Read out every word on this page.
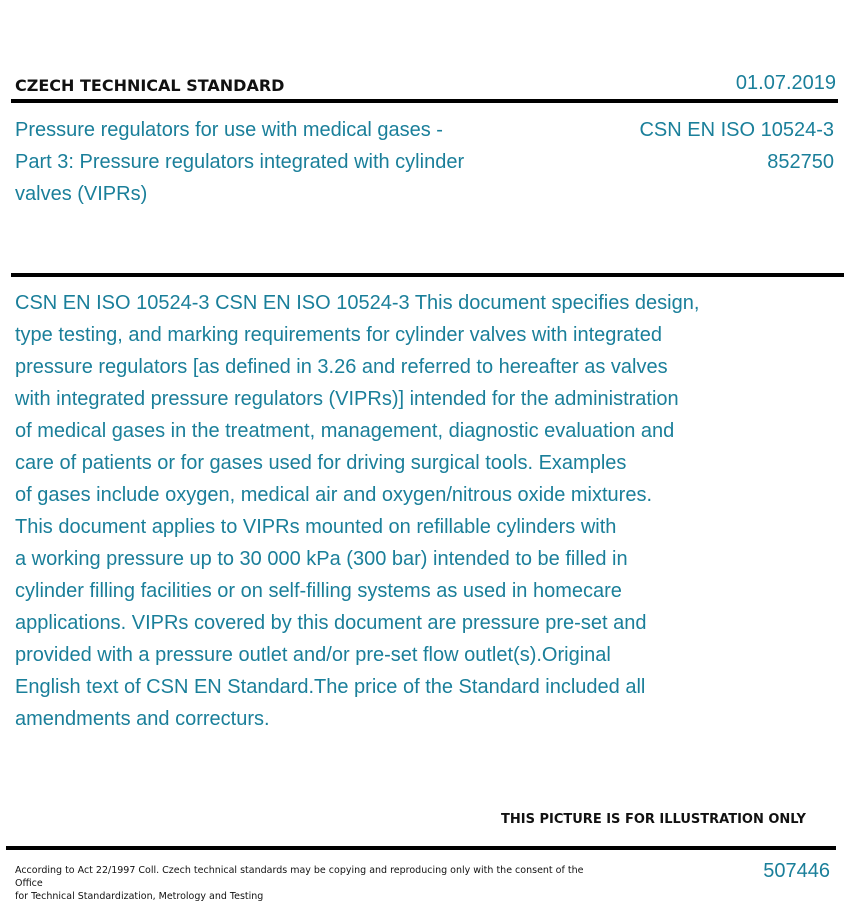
CZECH TECHNICAL STANDARD	01.07.2019
Pressure regulators for use with medical gases - Part 3: Pressure regulators integrated with cylinder valves (VIPRs)
CSN EN ISO 10524-3
852750
CSN EN ISO 10524-3 CSN EN ISO 10524-3 This document specifies design,
type testing, and marking requirements for cylinder valves with integrated
pressure regulators [as defined in 3.26 and referred to hereafter as valves
with integrated pressure regulators (VIPRs)] intended for the administration
of medical gases in the treatment, management, diagnostic evaluation and
care of patients or for gases used for driving surgical tools. Examples
of gases include oxygen, medical air and oxygen/nitrous oxide mixtures.
This document applies to VIPRs mounted on refillable cylinders with
a working pressure up to 30 000 kPa (300 bar) intended to be filled in
cylinder filling facilities or on self-filling systems as used in homecare
applications. VIPRs covered by this document are pressure pre-set and
provided with a pressure outlet and/or pre-set flow outlet(s).Original
English text of CSN EN Standard.The price of the Standard included all
amendments and correcturs.
THIS PICTURE IS FOR ILLUSTRATION ONLY
According to Act 22/1997 Coll. Czech technical standards may be copying and reproducing only with the consent of the Office
for Technical Standardization, Metrology and Testing
507446
